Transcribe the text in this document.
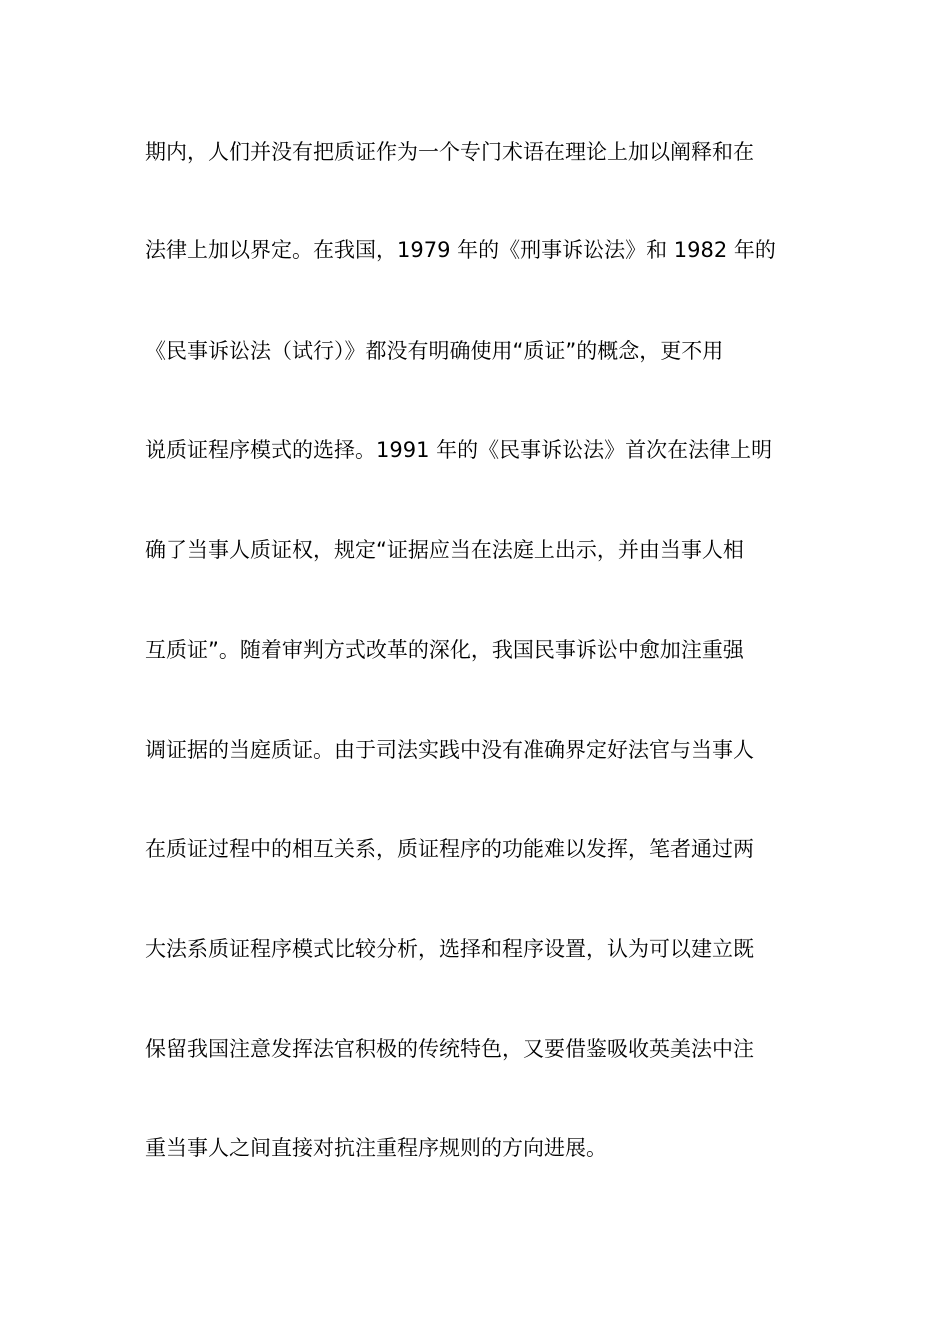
期内，人们并没有把质证作为一个专门术语在理论上加以阐释和在
法律上加以界定。在我国，1979 年的《刑事诉讼法》和 1982 年的
《民事诉讼法（试行）》都没有明确使用“质证”的概念，更不用
说质证程序模式的选择。1991 年的《民事诉讼法》首次在法律上明
确了当事人质证权，规定“证据应当在法庭上出示，并由当事人相
互质证”。随着审判方式改革的深化，我国民事诉讼中愈加注重强
调证据的当庭质证。由于司法实践中没有准确界定好法官与当事人
在质证过程中的相互关系，质证程序的功能难以发挥，笔者通过两
大法系质证程序模式比较分析，选择和程序设置，认为可以建立既
保留我国注意发挥法官积极的传统特色，又要借鉴吸收英美法中注
重当事人之间直接对抗注重程序规则的方向进展。
